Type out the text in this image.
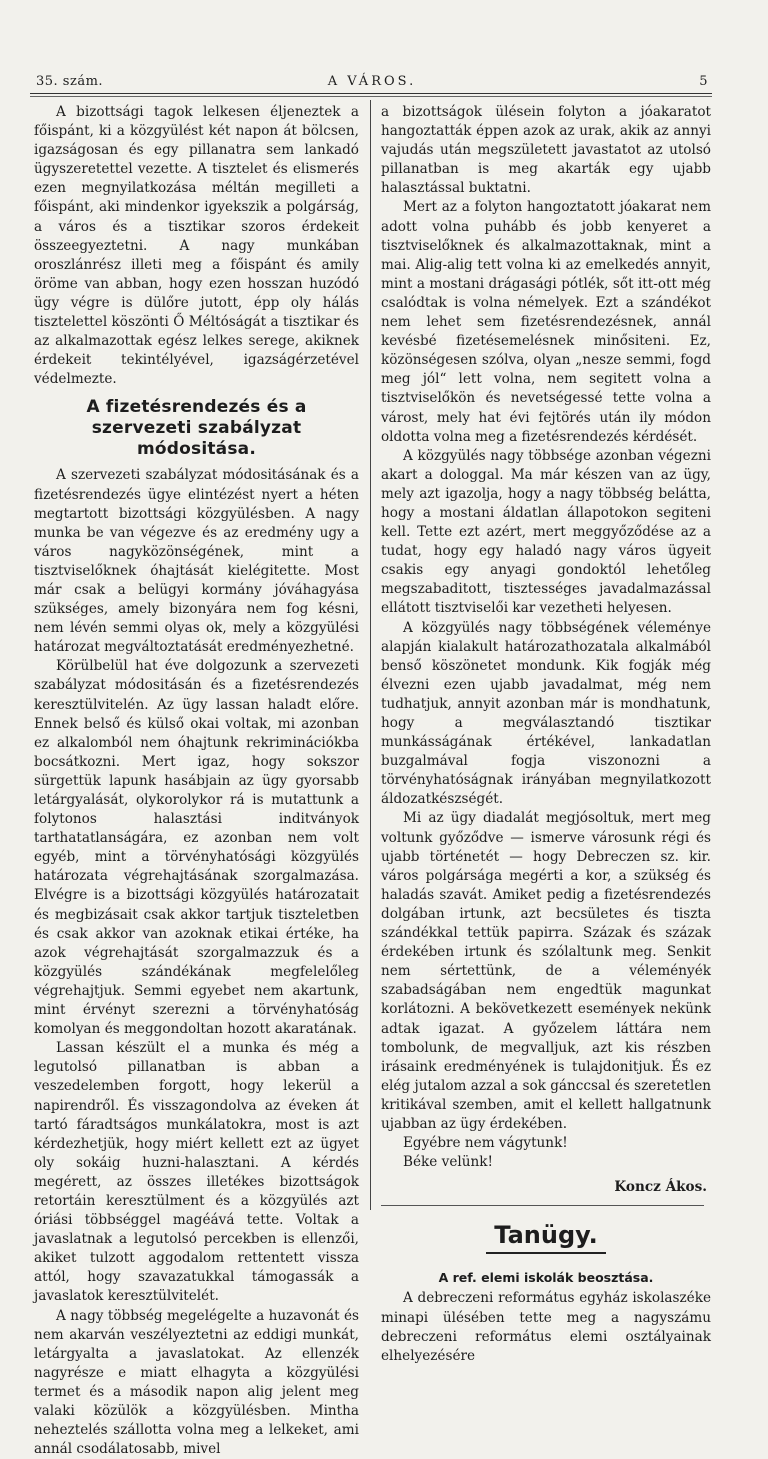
35. szám.	A VÁROS.	5

A bizottsági tagok lelkesen éljeneztek a főispánt, ki a közgyülést két napon át bölcsen, igazságosan és egy pillanatra sem lankadó ügyszeretettel vezette. A tisztelet és elismerés ezen megnyilatkozása méltán megilleti a főispánt, aki mindenkor igyekszik a polgárság, a város és a tisztikar szoros érdekeit összeegyeztetni. A nagy munkában oroszlánrész illeti meg a főispánt és amily öröme van abban, hogy ezen hosszan huzódó ügy végre is dülőre jutott, épp oly hálás tisztelettel köszönti Ő Méltóságát a tisztikar és az alkalmazottak egész lelkes serege, akiknek érdekeit tekintélyével, igazságérzetével védelmezte.

A fizetésrendezés és a szervezeti szabályzat módositása.

A szervezeti szabályzat módositásának és a fizetésrendezés ügye elintézést nyert a héten megtartott bizottsági közgyülésben. A nagy munka be van végezve és az eredmény ugy a város nagyközönségének, mint a tisztviselőknek óhajtását kielégitette. Most már csak a belügyi kormány jóváhagyása szükséges, amely bizonyára nem fog késni, nem lévén semmi olyas ok, mely a közgyülési határozat megváltoztatását eredményezhetné.

Körülbelül hat éve dolgozunk a szervezeti szabályzat módositásán és a fizetésrendezés keresztülvitelén. Az ügy lassan haladt előre. Ennek belső és külső okai voltak, mi azonban ez alkalomból nem óhajtunk rekriminációkba bocsátkozni. Mert igaz, hogy sokszor sürgettük lapunk hasábjain az ügy gyorsabb letárgyalását, olykorolykor rá is mutattunk a folytonos halasztási inditványok tarthatatlanságára, ez azonban nem volt egyéb, mint a törvényhatósági közgyülés határozata végrehajtásának szorgalmazása. Elvégre is a bizottsági közgyülés határozatait és megbizásait csak akkor tartjuk tiszteletben és csak akkor van azoknak etikai értéke, ha azok végrehajtását szorgalmazzuk és a közgyülés szándékának megfelelőleg végrehajtjuk. Semmi egyebet nem akartunk, mint érvényt szerezni a törvényhatóság komolyan és meggondoltan hozott akaratának.

Lassan készült el a munka és még a legutolsó pillanatban is abban a veszedelemben forgott, hogy lekerül a napirendről. És visszagondolva az éveken át tartó fáradtságos munkálatokra, most is azt kérdezhetjük, hogy miért kellett ezt az ügyet oly sokáig huzni-halasztani. A kérdés megérett, az összes illetékes bizottságok retortáin keresztülment és a közgyülés azt óriási többséggel magéává tette. Voltak a javaslatnak a legutolsó percekben is ellenzői, akiket tulzott aggodalom rettentett vissza attól, hogy szavazatukkal támogassák a javaslatok keresztülvitelét.

A nagy többség megelégelte a huzavonát és nem akarván veszélyeztetni az eddigi munkát, letárgyalta a javaslatokat. Az ellenzék nagyrésze e miatt elhagyta a közgyülési termet és a második napon alig jelent meg valaki közülök a közgyülésben. Mintha neheztelés szállotta volna meg a lelkeket, ami annál csodálatosabb, mivel

a bizottságok ülésein folyton a jóakaratot hangoztatták éppen azok az urak, akik az annyi vajudás után megszületett javastatot az utolsó pillanatban is meg akarták egy ujabb halasztással buktatni.

Mert az a folyton hangoztatott jóakarat nem adott volna puhább és jobb kenyeret a tisztviselőknek és alkalmazottaknak, mint a mai. Alig-alig tett volna ki az emelkedés annyit, mint a mostani drágasági pótlék, sőt itt-ott még csalódtak is volna némelyek. Ezt a szándékot nem lehet sem fizetésrendezésnek, annál kevésbé fizetésemelésnek minősiteni. Ez, közönségesen szólva, olyan „nesze semmi, fogd meg jól“ lett volna, nem segitett volna a tisztviselőkön és nevetségessé tette volna a várost, mely hat évi fejtörés után ily módon oldotta volna meg a fizetésrendezés kérdését.

A közgyülés nagy többsége azonban végezni akart a dologgal. Ma már készen van az ügy, mely azt igazolja, hogy a nagy többség belátta, hogy a mostani áldatlan állapotokon segiteni kell. Tette ezt azért, mert meggyőződése az a tudat, hogy egy haladó nagy város ügyeit csakis egy anyagi gondoktól lehetőleg megszabaditott, tisztességes javadalmazással ellátott tisztviselői kar vezetheti helyesen.

A közgyülés nagy többségének véleménye alapján kialakult határozathozatala alkalmából benső köszönetet mondunk. Kik fogják még élvezni ezen ujabb javadalmat, még nem tudhatjuk, annyit azonban már is mondhatunk, hogy a megválasztandó tisztikar munkásságának értékével, lankadatlan buzgalmával fogja viszonozni a törvényhatóságnak irányában megnyilatkozott áldozatkészségét.

Mi az ügy diadalát megjósoltuk, mert meg voltunk győződve — ismerve városunk régi és ujabb történetét — hogy Debreczen sz. kir. város polgársága megérti a kor, a szükség és haladás szavát. Amiket pedig a fizetésrendezés dolgában irtunk, azt becsületes és tiszta szándékkal tettük papirra. Százak és százak érdekében irtunk és szólaltunk meg. Senkit nem sértettünk, de a véleményék szabadságában nem engedtük magunkat korlátozni. A bekövetkezett események nekünk adtak igazat. A győzelem láttára nem tombolunk, de megvalljuk, azt kis részben irásaink eredményének is tulajdonitjuk. És ez elég jutalom azzal a sok gánccsal és szeretetlen kritikával szemben, amit el kellett hallgatnunk ujabban az ügy érdekében.

Egyébre nem vágytunk!

Béke velünk!

Koncz Ákos.
Tanügy.
A ref. elemi iskolák beosztása.

A debreczeni református egyház iskolaszéke minapi ülésében tette meg a nagyszámu debreczeni református elemi osztályainak elhelyezésére
